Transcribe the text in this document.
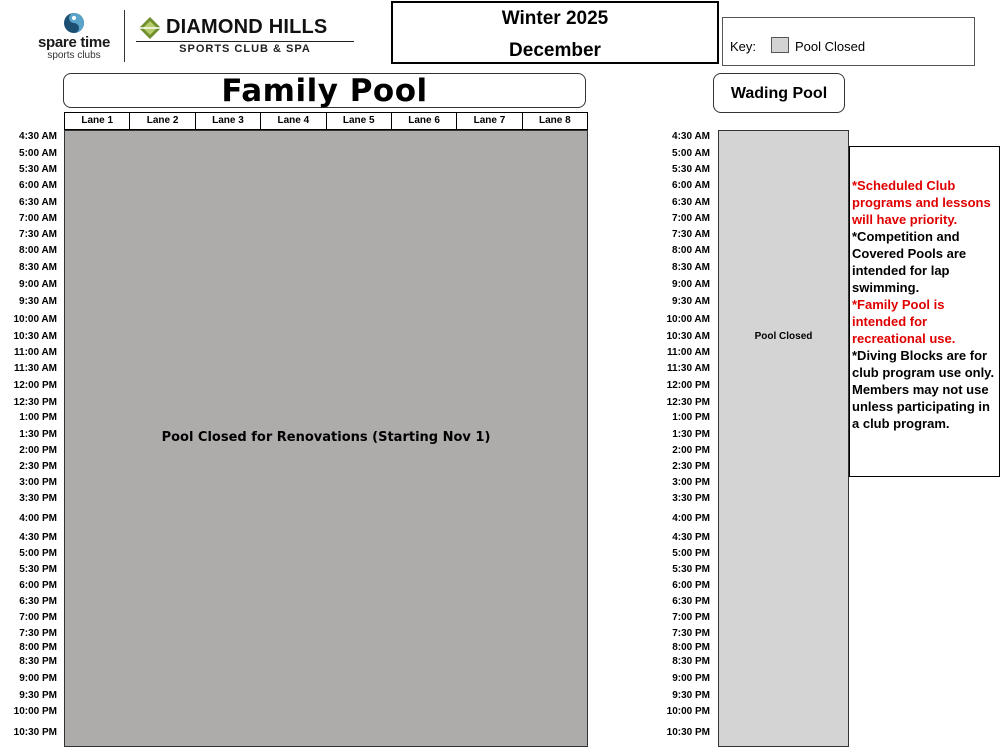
spare time
sports clubs
DIAMOND HILLS
SPORTS CLUB & SPA
Winter 2025
December	Key:	Pool Closed
Family Pool	Wading Pool
Lane 1	Lane 2	Lane 3	Lane 4	Lane 5	Lane 6	Lane 7	Lane 8
Pool Closed for Renovations (Starting Nov 1)
Pool Closed
*Scheduled Club programs and lessons will have priority.
*Competition and Covered Pools are intended for lap swimming.
*Family Pool is intended for recreational use.
*Diving Blocks are for club program use only. Members may not use unless participating in a club program.
4:30 AM
5:00 AM
5:30 AM
6:00 AM
6:30 AM
7:00 AM
7:30 AM
8:00 AM
8:30 AM
9:00 AM
9:30 AM
10:00 AM
10:30 AM
11:00 AM
11:30 AM
12:00 PM
12:30 PM
1:00 PM
1:30 PM
2:00 PM
2:30 PM
3:00 PM
3:30 PM
4:00 PM
4:30 PM
5:00 PM
5:30 PM
6:00 PM
6:30 PM
7:00 PM
7:30 PM
8:00 PM
8:30 PM
9:00 PM
9:30 PM
10:00 PM
10:30 PM
4:30 AM
5:00 AM
5:30 AM
6:00 AM
6:30 AM
7:00 AM
7:30 AM
8:00 AM
8:30 AM
9:00 AM
9:30 AM
10:00 AM
10:30 AM
11:00 AM
11:30 AM
12:00 PM
12:30 PM
1:00 PM
1:30 PM
2:00 PM
2:30 PM
3:00 PM
3:30 PM
4:00 PM
4:30 PM
5:00 PM
5:30 PM
6:00 PM
6:30 PM
7:00 PM
7:30 PM
8:00 PM
8:30 PM
9:00 PM
9:30 PM
10:00 PM
10:30 PM
